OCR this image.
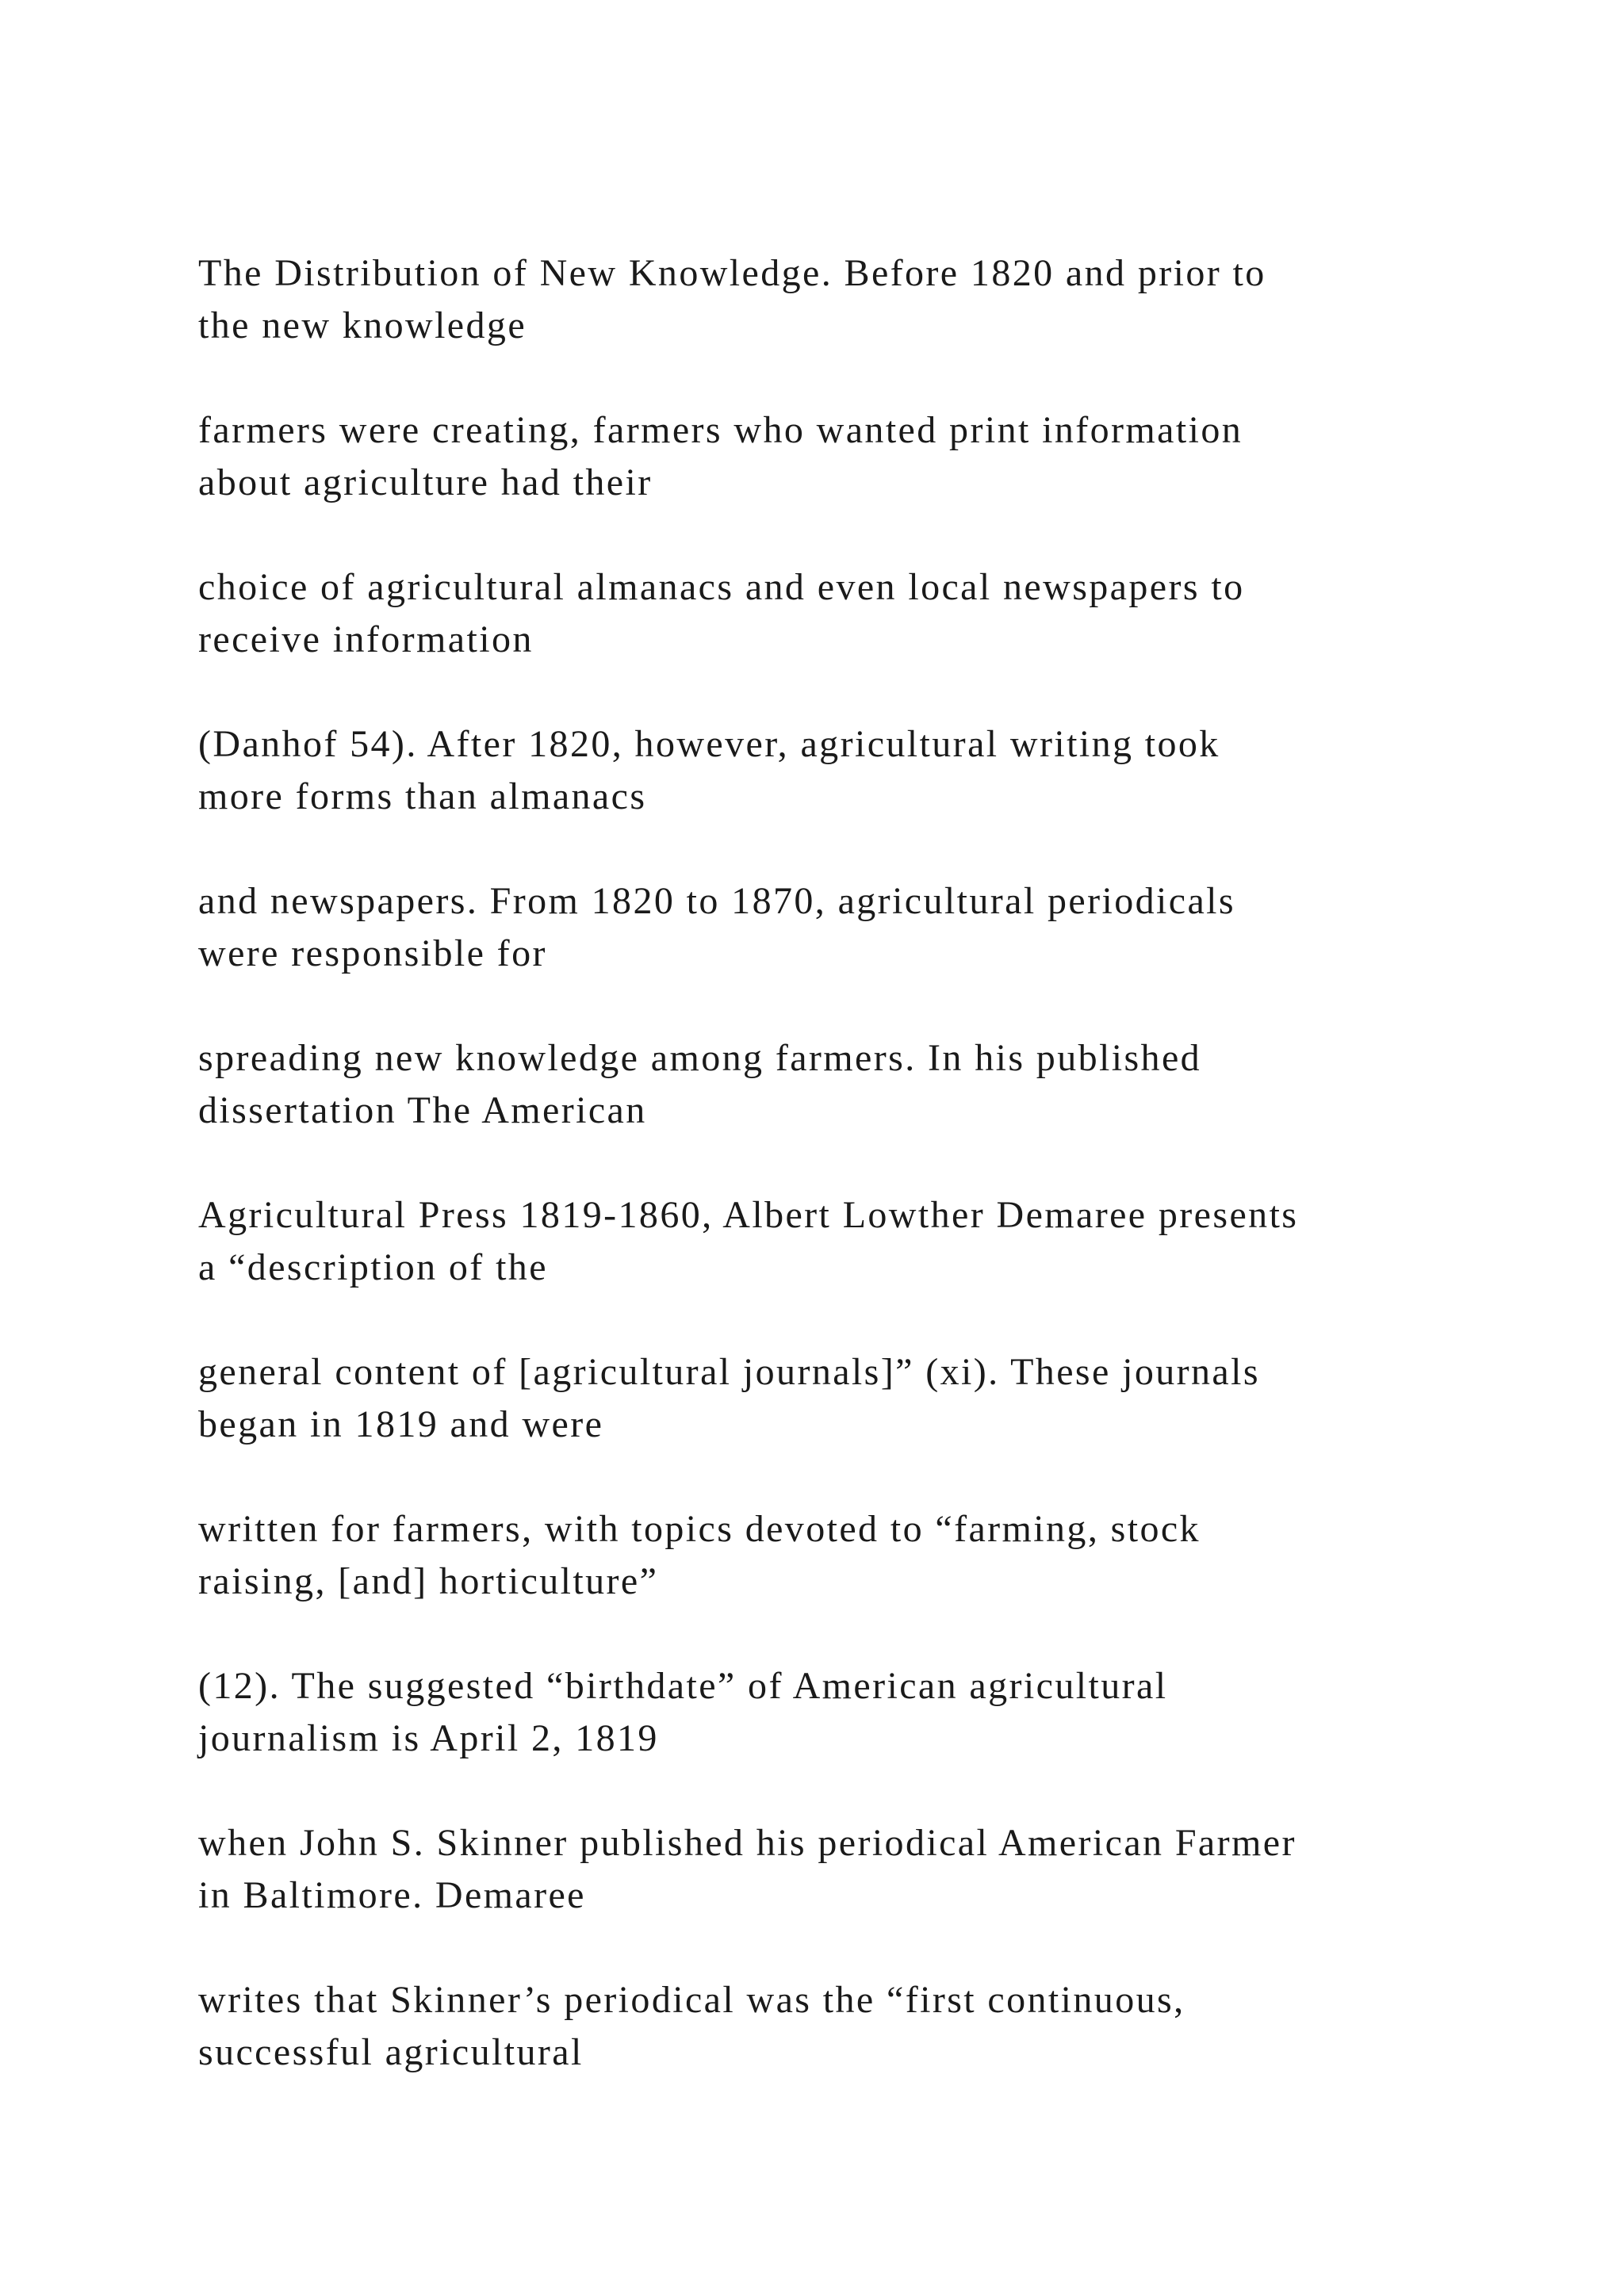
The Distribution of New Knowledge. Before 1820 and prior to
the new knowledge

farmers were creating, farmers who wanted print information
about agriculture had their

choice of agricultural almanacs and even local newspapers to
receive information

(Danhof 54). After 1820, however, agricultural writing took
more forms than almanacs

and newspapers. From 1820 to 1870, agricultural periodicals
were responsible for

spreading new knowledge among farmers. In his published
dissertation The American

Agricultural Press 1819-1860, Albert Lowther Demaree presents
a “description of the

general content of [agricultural journals]” (xi). These journals
began in 1819 and were

written for farmers, with topics devoted to “farming, stock
raising, [and] horticulture”

(12). The suggested “birthdate” of American agricultural
journalism is April 2, 1819

when John S. Skinner published his periodical American Farmer
in Baltimore. Demaree

writes that Skinner’s periodical was the “first continuous,
successful agricultural
